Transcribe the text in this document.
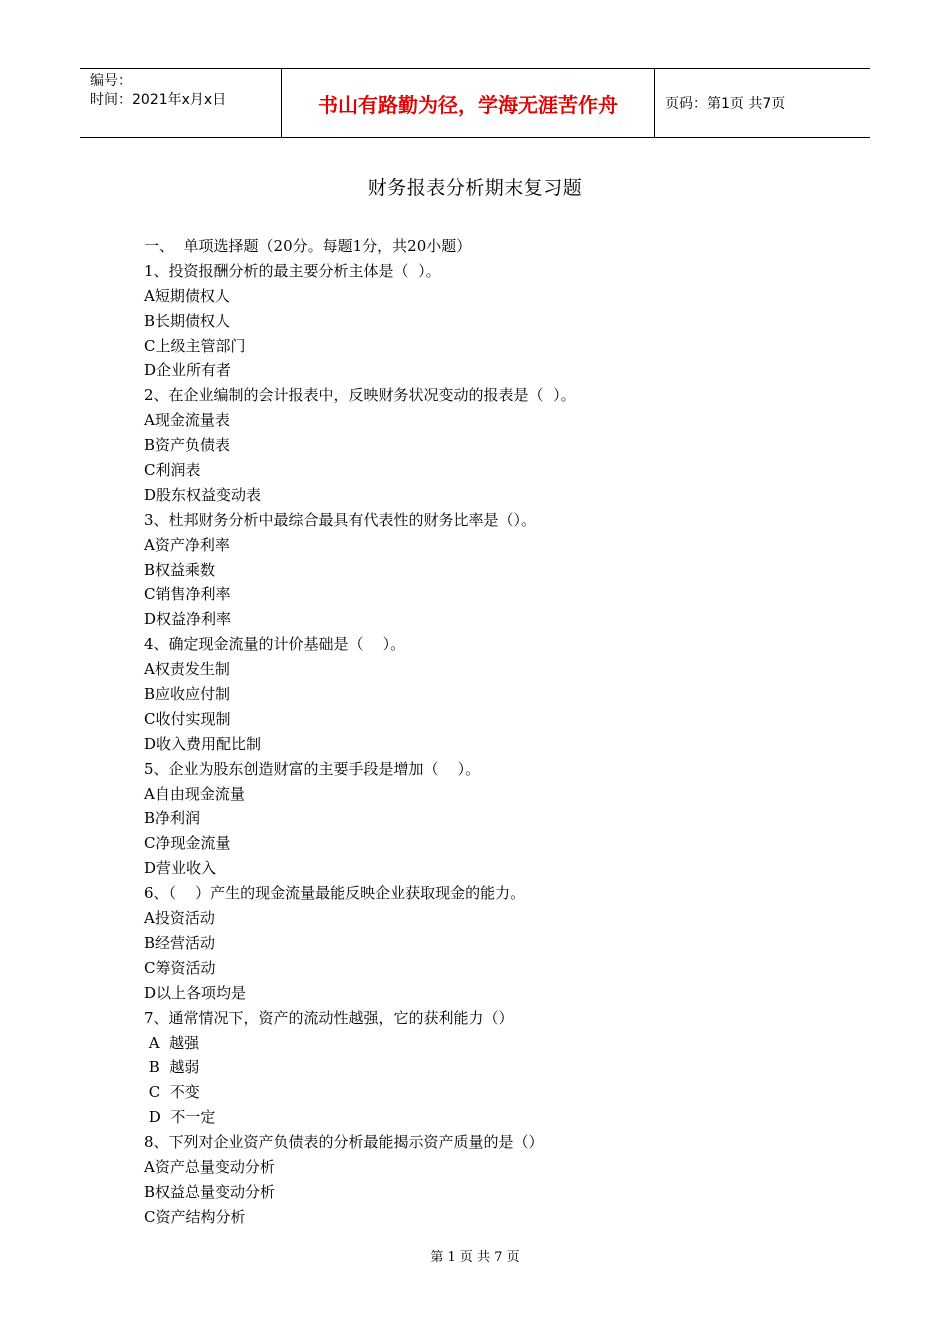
编号：
时间：2021年x月x日	书山有路勤为径，学海无涯苦作舟	页码：第1页 共7页
财务报表分析期末复习题
一、  单项选择题（20分。每题1分，共20小题）
1、投资报酬分析的最主要分析主体是（  ）。
A短期债权人
B长期债权人
C上级主管部门
D企业所有者
2、在企业编制的会计报表中，反映财务状况变动的报表是（  ）。
A现金流量表
B资产负债表
C利润表
D股东权益变动表
3、杜邦财务分析中最综合最具有代表性的财务比率是（）。
A资产净利率
B权益乘数
C销售净利率
D权益净利率
4、确定现金流量的计价基础是（    ）。
A权责发生制
B应收应付制
C收付实现制
D收入费用配比制
5、企业为股东创造财富的主要手段是增加（    ）。
A自由现金流量
B净利润
C净现金流量
D营业收入
6、（    ）产生的现金流量最能反映企业获取现金的能力。
A投资活动
B经营活动
C筹资活动
D以上各项均是
7、通常情况下，资产的流动性越强，它的获利能力（）
A  越强
B  越弱
C  不变
D  不一定
8、下列对企业资产负债表的分析最能揭示资产质量的是（）
A资产总量变动分析
B权益总量变动分析
C资产结构分析
第 1 页 共 7 页
